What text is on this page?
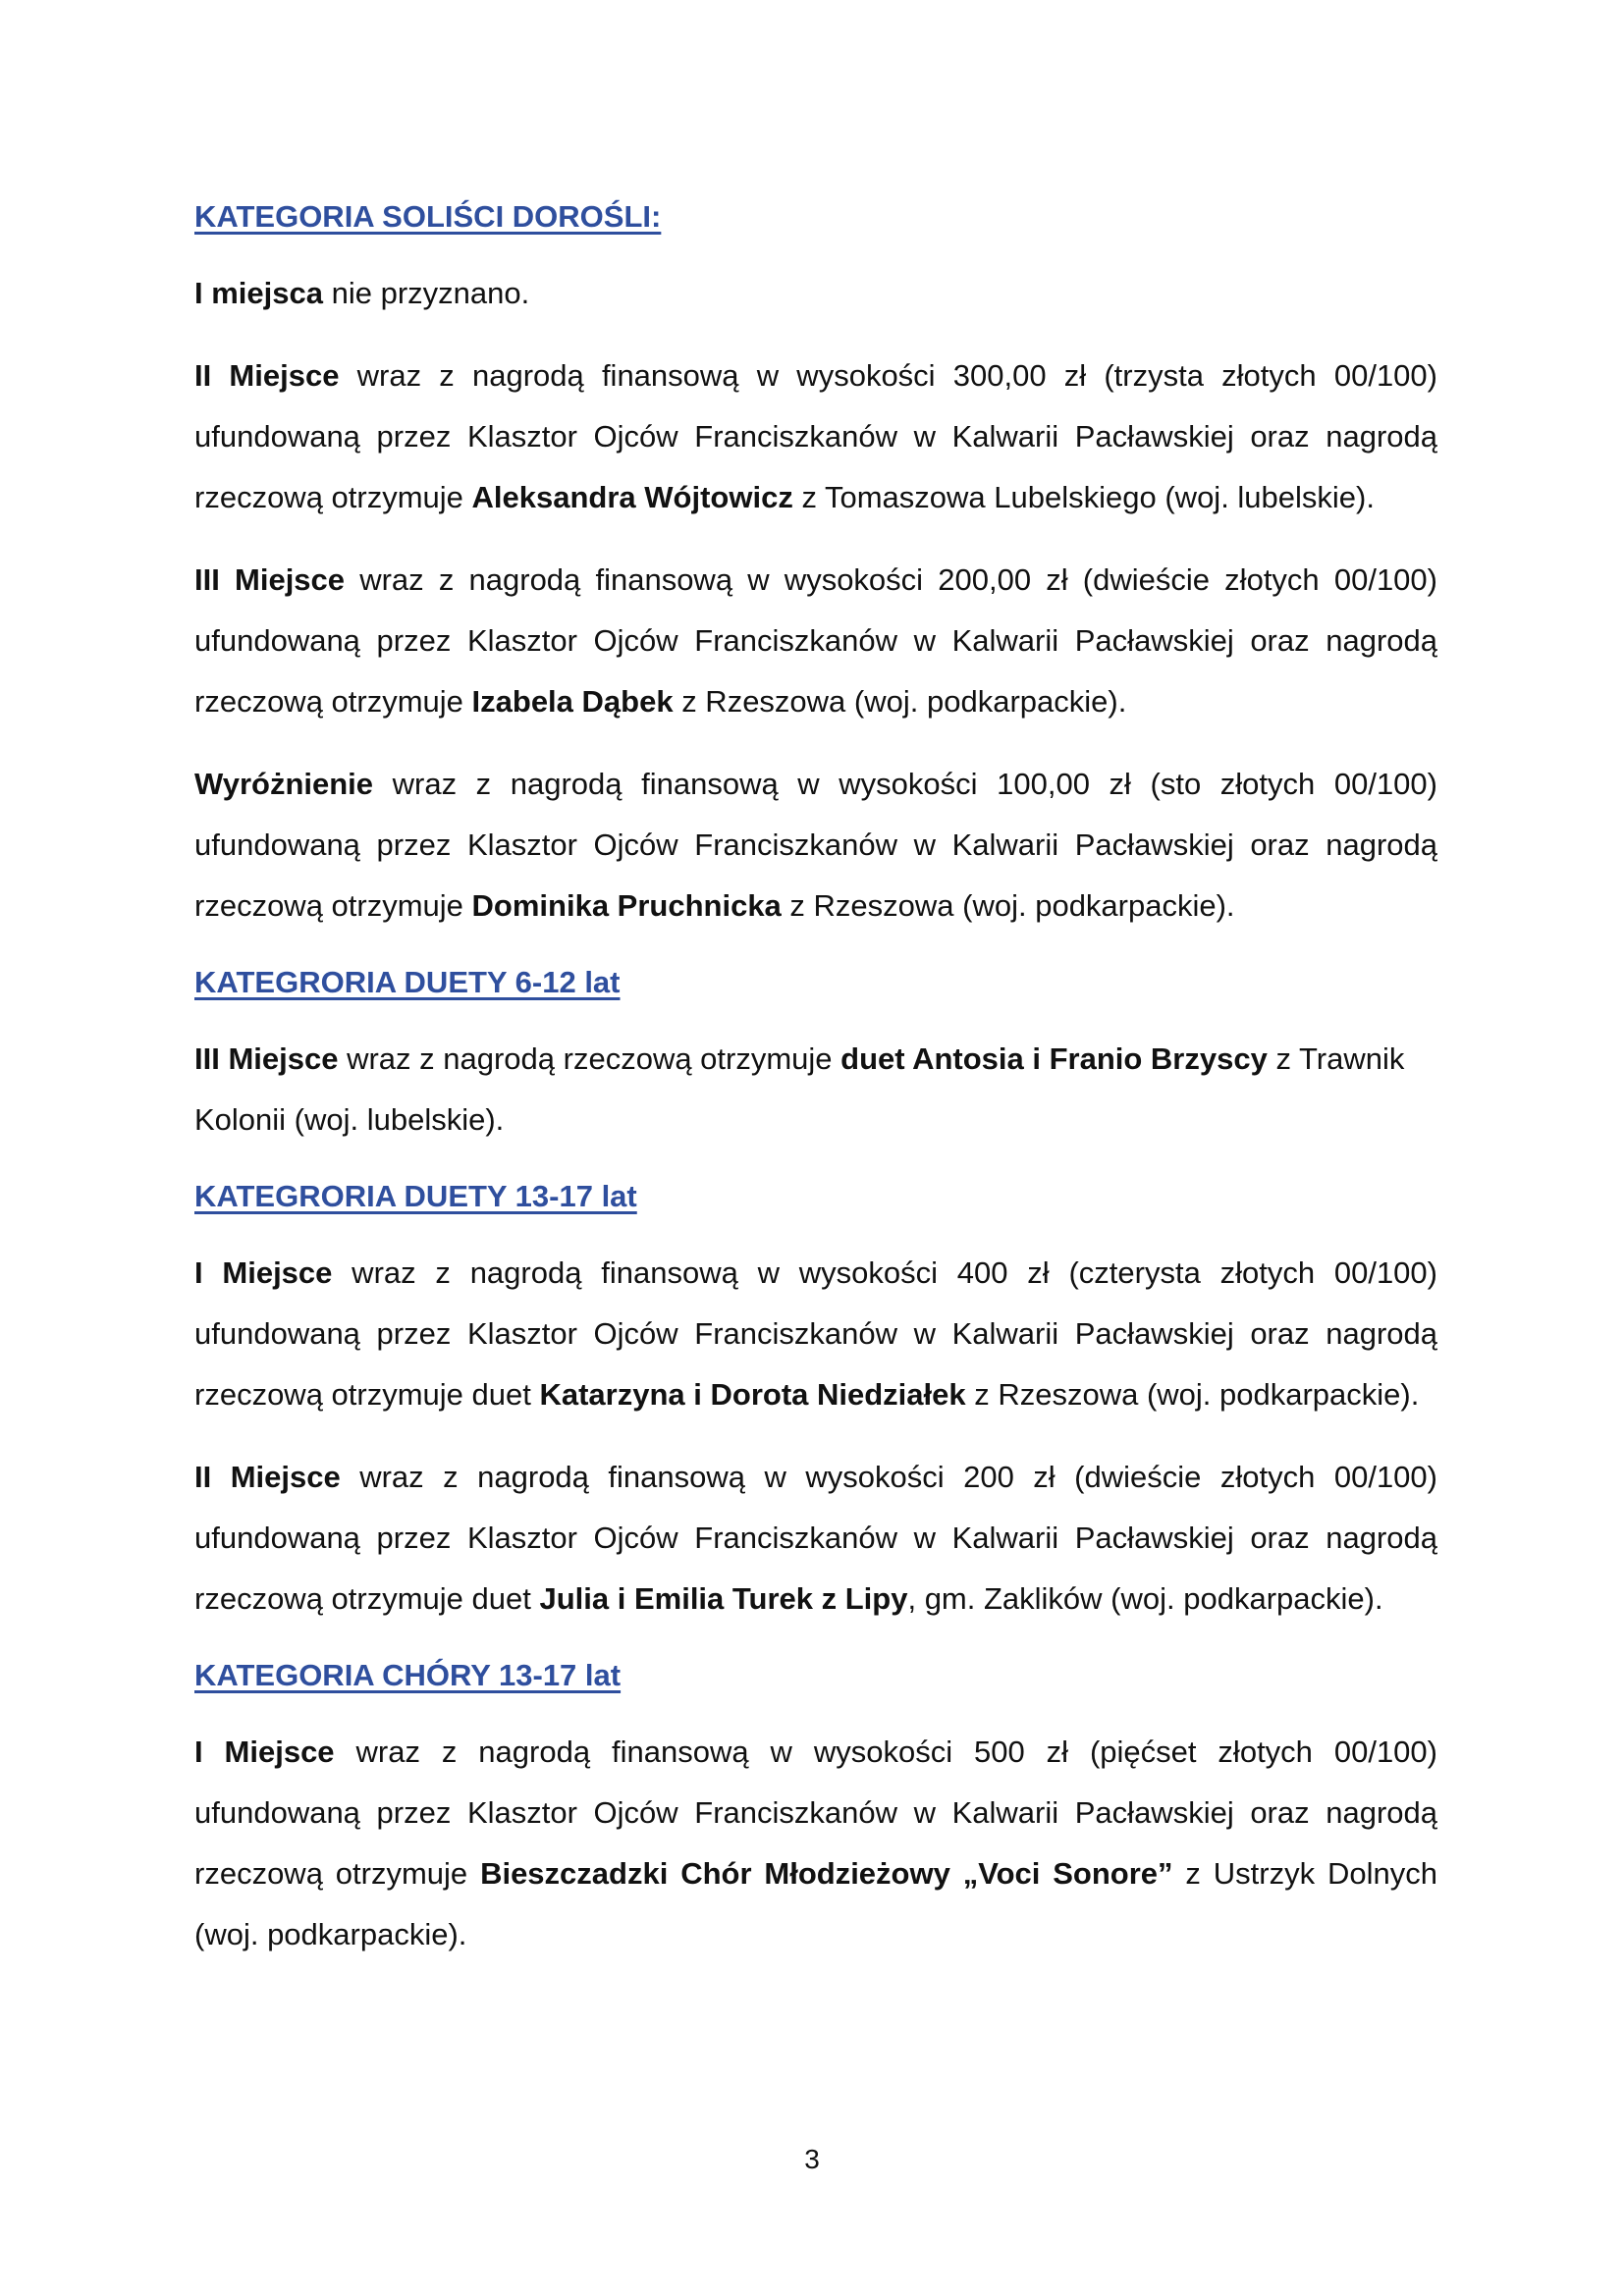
KATEGORIA SOLIŚCI DOROŚLI:

I miejsca nie przyznano.

II Miejsce wraz z nagrodą finansową w wysokości 300,00 zł (trzysta złotych 00/100) ufundowaną przez Klasztor Ojców Franciszkanów w Kalwarii Pacławskiej oraz nagrodą rzeczową otrzymuje Aleksandra Wójtowicz z Tomaszowa Lubelskiego (woj. lubelskie).

III Miejsce wraz z nagrodą finansową w wysokości 200,00 zł (dwieście złotych 00/100) ufundowaną przez Klasztor Ojców Franciszkanów w Kalwarii Pacławskiej oraz nagrodą rzeczową otrzymuje Izabela Dąbek z Rzeszowa (woj. podkarpackie).

Wyróżnienie wraz z nagrodą finansową w wysokości 100,00 zł (sto złotych 00/100) ufundowaną przez Klasztor Ojców Franciszkanów w Kalwarii Pacławskiej oraz nagrodą rzeczową otrzymuje Dominika Pruchnicka z Rzeszowa (woj. podkarpackie).

KATEGRORIA DUETY 6-12 lat

III Miejsce wraz z nagrodą rzeczową otrzymuje duet Antosia i Franio Brzyscy z Trawnik Kolonii (woj. lubelskie).

KATEGRORIA DUETY 13-17 lat

I Miejsce wraz z nagrodą finansową w wysokości 400 zł (czterysta złotych 00/100) ufundowaną przez Klasztor Ojców Franciszkanów w Kalwarii Pacławskiej oraz nagrodą rzeczową otrzymuje duet Katarzyna i Dorota Niedziałek z Rzeszowa (woj. podkarpackie).

II Miejsce wraz z nagrodą finansową w wysokości 200 zł (dwieście złotych 00/100) ufundowaną przez Klasztor Ojców Franciszkanów w Kalwarii Pacławskiej oraz nagrodą rzeczową otrzymuje duet Julia i Emilia Turek z Lipy, gm. Zaklików (woj. podkarpackie).

KATEGORIA CHÓRY 13-17 lat

I Miejsce wraz z nagrodą finansową w wysokości 500 zł (pięćset złotych 00/100) ufundowaną przez Klasztor Ojców Franciszkanów w Kalwarii Pacławskiej oraz nagrodą rzeczową otrzymuje Bieszczadzki Chór Młodzieżowy „Voci Sonore” z Ustrzyk Dolnych (woj. podkarpackie).

3
